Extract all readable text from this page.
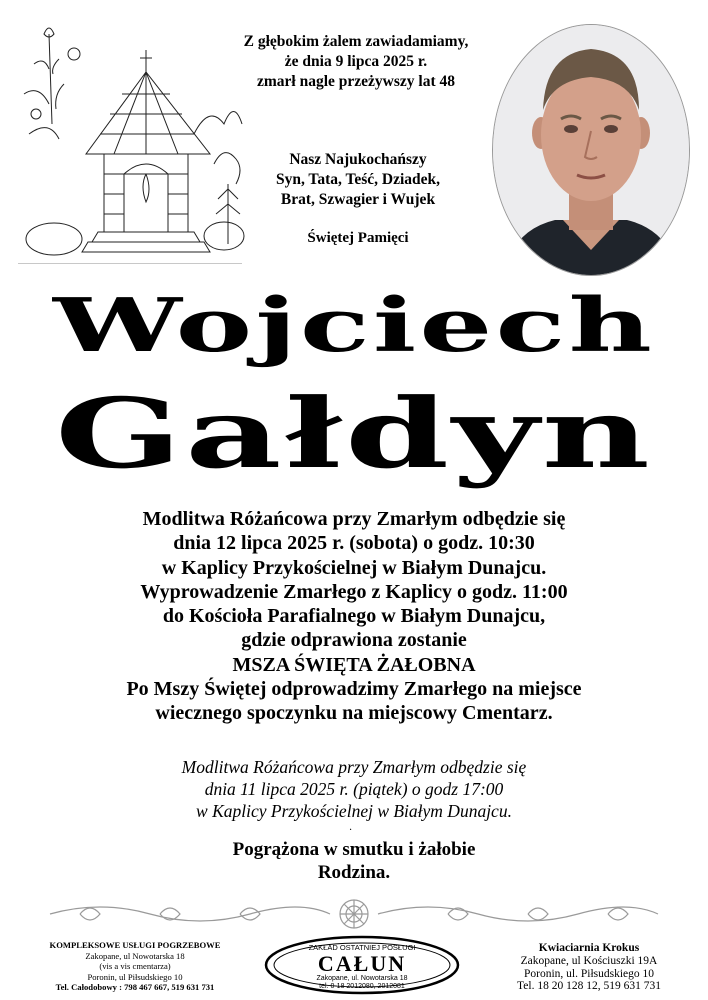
Z głębokim żalem zawiadamiamy,
że dnia 9 lipca 2025 r.
zmarł nagle przeżywszy lat 48
Nasz Najukochańszy
Syn, Tata, Teść, Dziadek,
Brat, Szwagier i Wujek
Świętej Pamięci
Wojciech
Gałdyn
Modlitwa Różańcowa przy Zmarłym odbędzie się
dnia 12 lipca 2025 r. (sobota) o godz. 10:30
w Kaplicy Przykościelnej w Białym Dunajcu.
Wyprowadzenie Zmarłego z Kaplicy o godz. 11:00
do Kościoła Parafialnego w Białym Dunajcu,
gdzie odprawiona zostanie
MSZA ŚWIĘTA ŻAŁOBNA
Po Mszy Świętej odprowadzimy Zmarłego na miejsce
wiecznego spoczynku na miejscowy Cmentarz.
Modlitwa Różańcowa przy Zmarłym odbędzie się
dnia 11 lipca 2025 r. (piątek) o godz 17:00
w Kaplicy Przykościelnej w Białym Dunajcu.
.
Pogrążona w smutku i żałobie
Rodzina.
KOMPLEKSOWE USŁUGI POGRZEBOWE
Zakopane, ul Nowotarska 18
(vis a vis cmentarza)
Poronin, ul Piłsudskiego 10
Tel. Całodobowy : 798 467 667, 519 631 731
ZAKŁAD OSTATNIEJ POSŁUGI
CAŁUN
Zakopane, ul. Nowotarska 18
tel. 0-18 2012080, 2012081
Kwiaciarnia Krokus
Zakopane, ul Kościuszki 19A
Poronin, ul. Piłsudskiego 10
Tel. 18 20 128 12, 519 631 731
